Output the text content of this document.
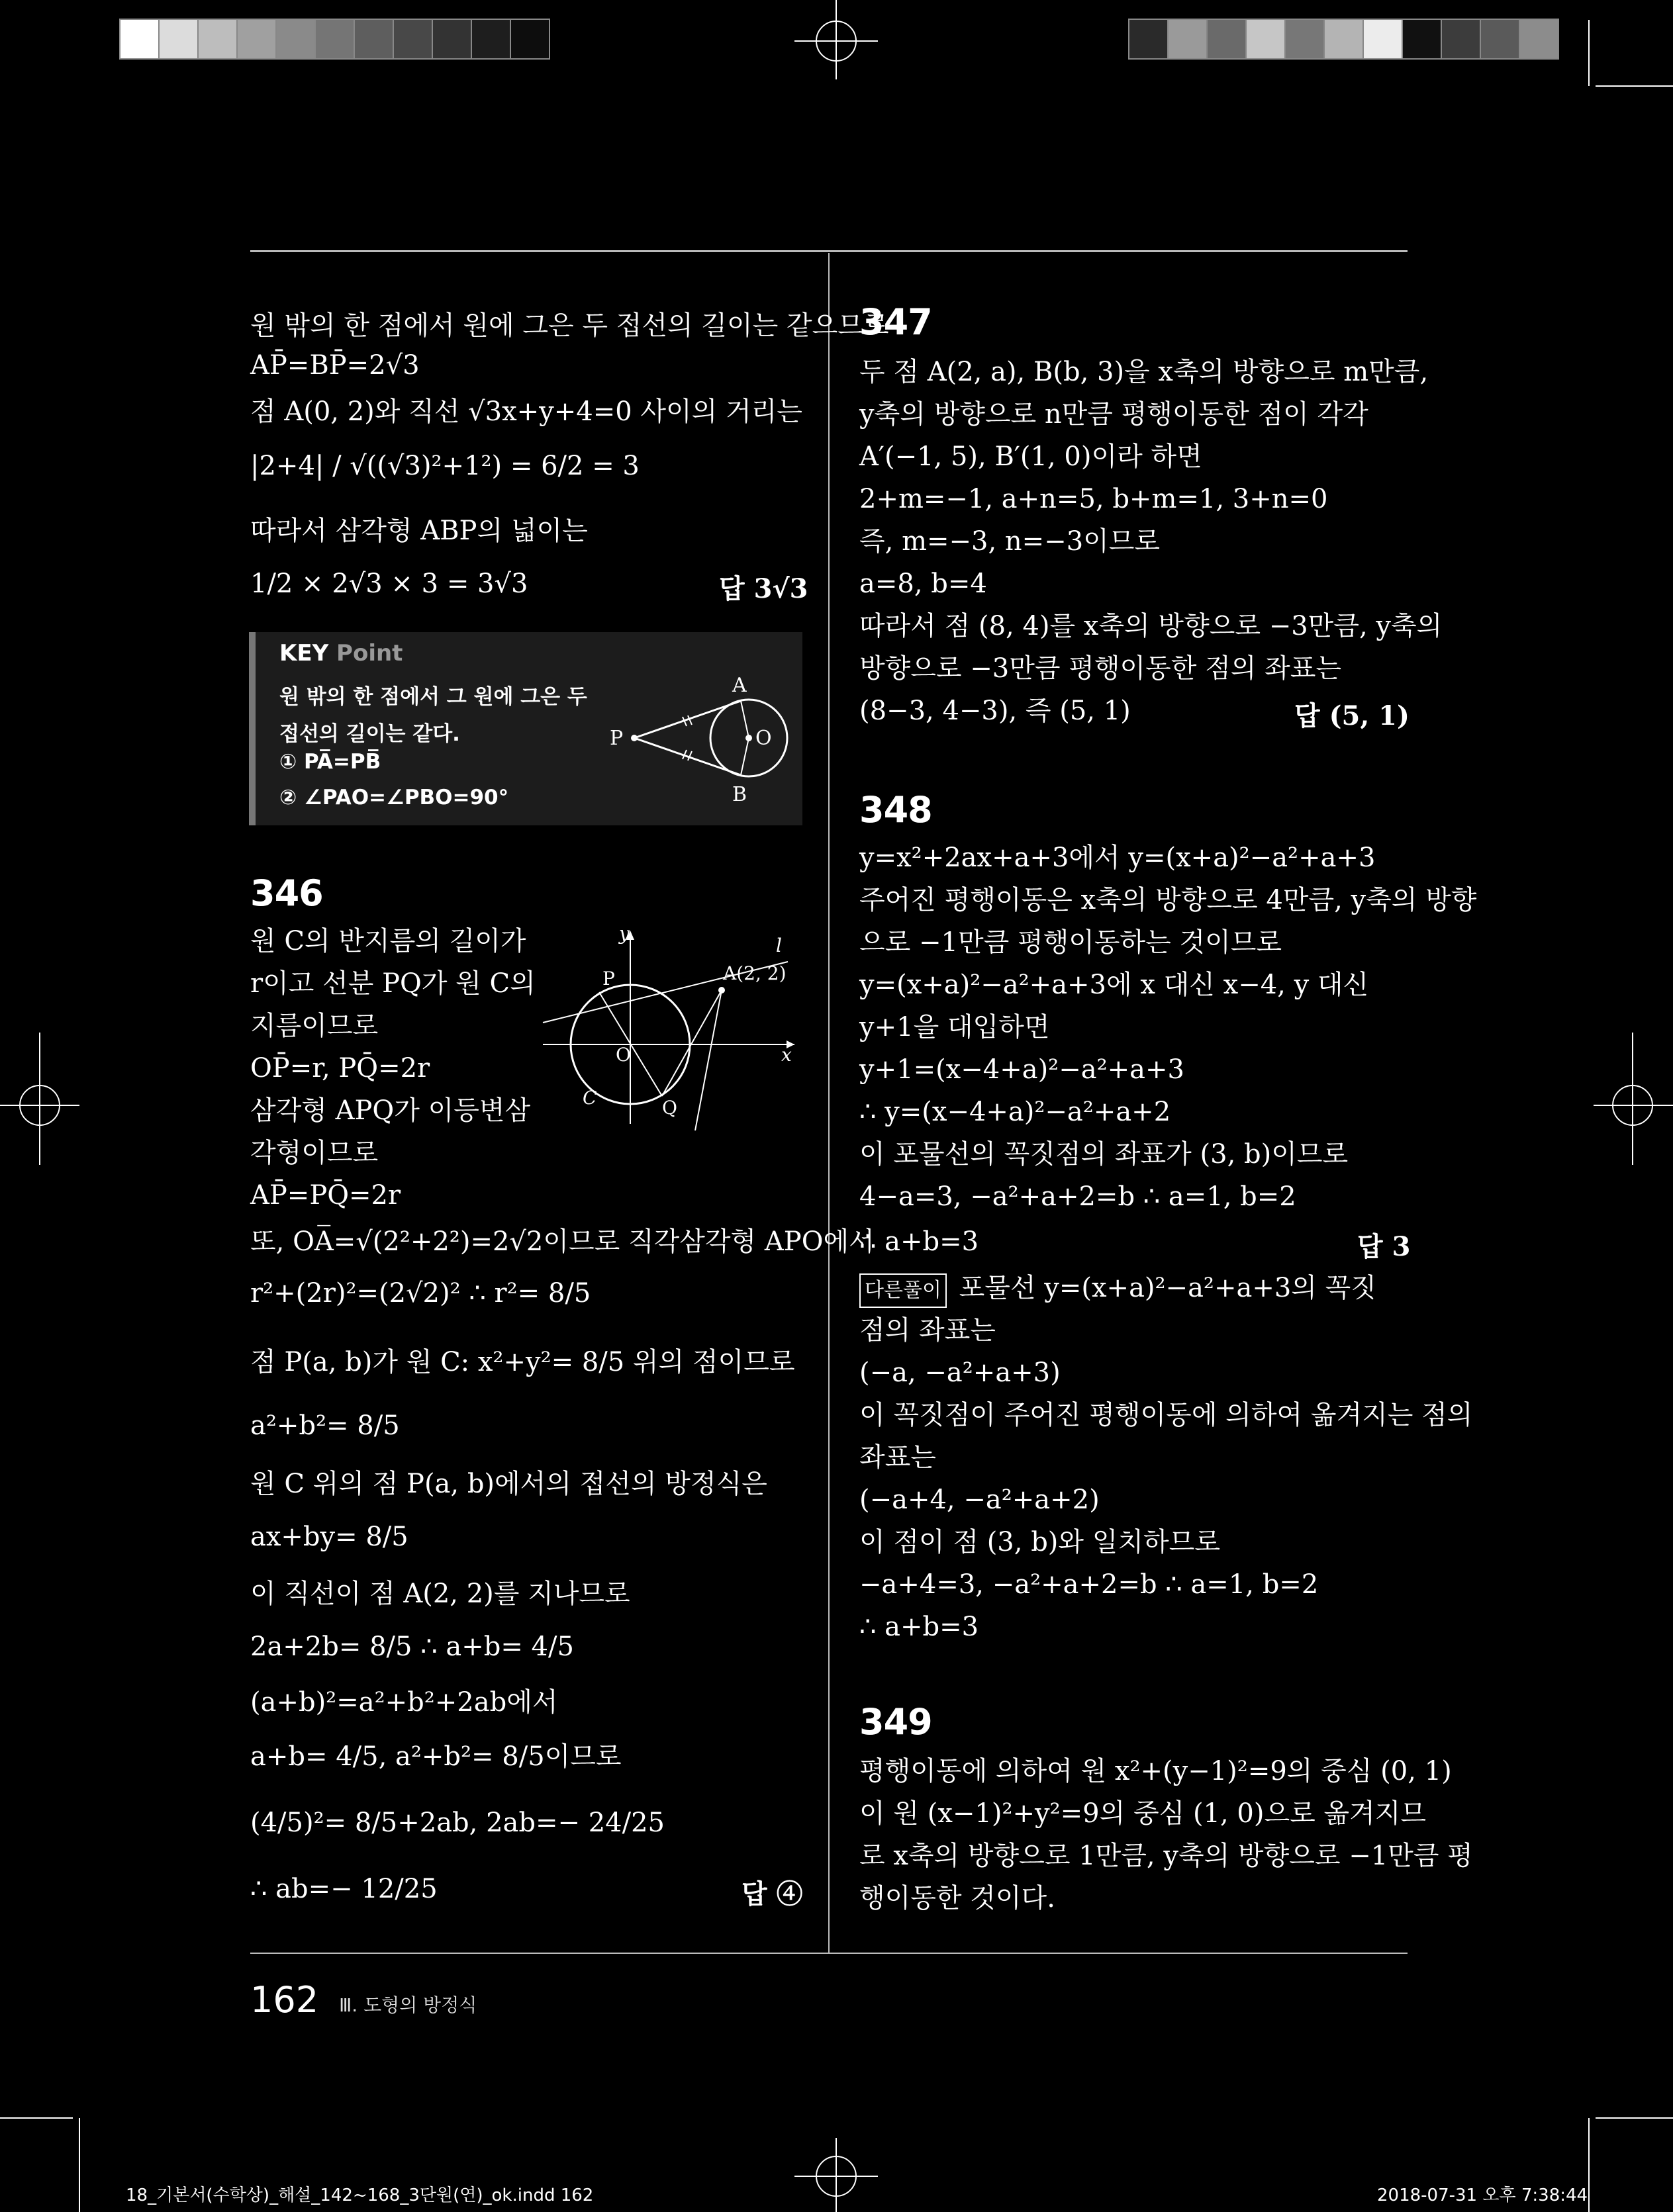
원 밖의 한 점에서 원에 그은 두 접선의 길이는 같으므로
AP̄=BP̄=2√3
점 A(0, 2)와 직선 √3x+y+4=0 사이의 거리는
|2+4| / √((√3)²+1²) = 6/2 = 3
따라서 삼각형 ABP의 넓이는
1/2 × 2√3 × 3 = 3√3	답 3√3
KEY Point
원 밖의 한 점에서 그 원에 그은 두
접선의 길이는 같다.
① PA̅=PB̅
② ∠PAO=∠PBO=90°
A
B
P	O
346
원 C의 반지름의 길이가
r이고 선분 PQ가 원 C의
지름이므로
OP̄=r, PQ̄=2r
삼각형 APQ가 이등변삼
각형이므로
AP̄=PQ̄=2r
y
l
P	A(2, 2)
x
O
C	Q
또, OA̅=√(2²+2²)=2√2이므로 직각삼각형 APO에서
r²+(2r)²=(2√2)² ∴ r²= 8/5
점 P(a, b)가 원 C: x²+y²= 8/5 위의 점이므로
a²+b²= 8/5
원 C 위의 점 P(a, b)에서의 접선의 방정식은
ax+by= 8/5
이 직선이 점 A(2, 2)를 지나므로
2a+2b= 8/5 ∴ a+b= 4/5
(a+b)²=a²+b²+2ab에서
a+b= 4/5, a²+b²= 8/5이므로
(4/5)²= 8/5+2ab, 2ab=− 24/25
∴ ab=− 12/25	답 ④
347
두 점 A(2, a), B(b, 3)을 x축의 방향으로 m만큼,
y축의 방향으로 n만큼 평행이동한 점이 각각
A′(−1, 5), B′(1, 0)이라 하면
2+m=−1, a+n=5, b+m=1, 3+n=0
즉, m=−3, n=−3이므로
a=8, b=4
따라서 점 (8, 4)를 x축의 방향으로 −3만큼, y축의
방향으로 −3만큼 평행이동한 점의 좌표는
(8−3, 4−3), 즉 (5, 1)	답 (5, 1)
348
y=x²+2ax+a+3에서 y=(x+a)²−a²+a+3
주어진 평행이동은 x축의 방향으로 4만큼, y축의 방향
으로 −1만큼 평행이동하는 것이므로
y=(x+a)²−a²+a+3에 x 대신 x−4, y 대신
y+1을 대입하면
y+1=(x−4+a)²−a²+a+3
∴ y=(x−4+a)²−a²+a+2
이 포물선의 꼭짓점의 좌표가 (3, b)이므로
4−a=3, −a²+a+2=b ∴ a=1, b=2
∴ a+b=3	답 3
다른풀이 포물선 y=(x+a)²−a²+a+3의 꼭짓
점의 좌표는
(−a, −a²+a+3)
이 꼭짓점이 주어진 평행이동에 의하여 옮겨지는 점의
좌표는
(−a+4, −a²+a+2)
이 점이 점 (3, b)와 일치하므로
−a+4=3, −a²+a+2=b ∴ a=1, b=2
∴ a+b=3
349
평행이동에 의하여 원 x²+(y−1)²=9의 중심 (0, 1)
이 원 (x−1)²+y²=9의 중심 (1, 0)으로 옮겨지므
로 x축의 방향으로 1만큼, y축의 방향으로 −1만큼 평
행이동한 것이다.
162 Ⅲ. 도형의 방정식
18_기본서(수학상)_해설_142~168_3단원(연)_ok.indd 162	2018-07-31 오후 7:38:44
